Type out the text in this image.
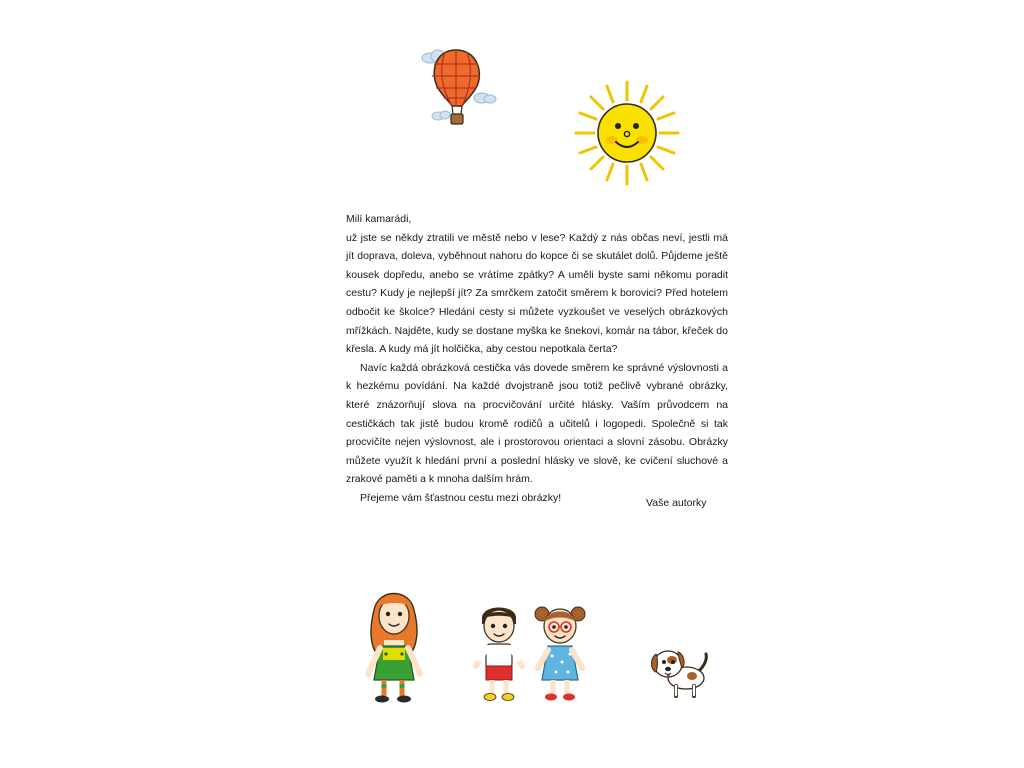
Milí kamarádi,

už jste se někdy ztratili ve městě nebo v lese? Každý z nás občas neví, jestli má jít doprava, doleva, vyběhnout nahoru do kopce či se skutálet dolů. Půjdeme ještě kousek dopředu, anebo se vrátíme zpátky? A uměli byste sami někomu poradit cestu? Kudy je nejlepší jít? Za smrčkem zatočit směrem k borovici? Před hotelem odbočit ke školce? Hledání cesty si můžete vyzkoušet ve veselých obrázkových mřížkách. Najděte, kudy se dostane myška ke šnekovi, komár na tábor, křeček do křesla. A kudy má jít holčička, aby cestou nepotkala čerta?

Navíc každá obrázková cestička vás dovede směrem ke správné výslovnosti a k hezkému povídání. Na každé dvojstraně jsou totiž pečlivě vybrané obrázky, které znázorňují slova na procvičování určité hlásky. Vaším průvodcem na cestičkách tak jistě budou kromě rodičů a učitelů i logopedi. Společně si tak procvičíte nejen výslovnost, ale i prostorovou orientaci a slovní zásobu. Obrázky můžete využít k hledání první a poslední hlásky ve slově, ke cvičení sluchové a zrakové paměti a k mnoha dalším hrám.

Přejeme vám šťastnou cestu mezi obrázky!	Vaše autorky
